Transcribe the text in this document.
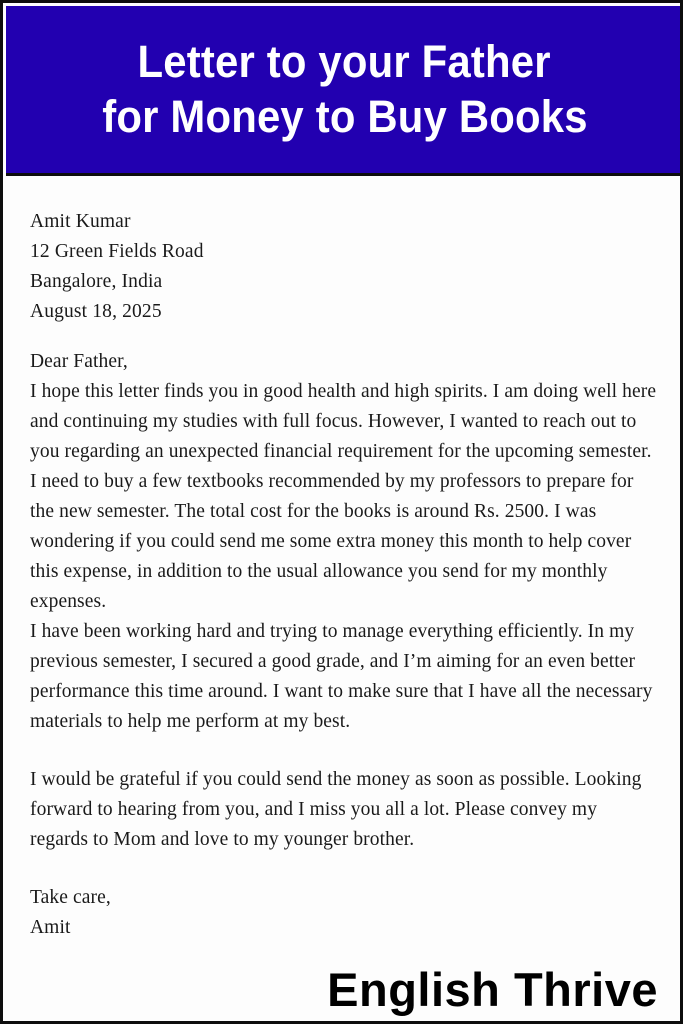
Letter to your Father
for Money to Buy Books
Amit Kumar
12 Green Fields Road
Bangalore, India
August 18, 2025

Dear Father,

I hope this letter finds you in good health and high spirits. I am doing well here and continuing my studies with full focus. However, I wanted to reach out to you regarding an unexpected financial requirement for the upcoming semester.

I need to buy a few textbooks recommended by my professors to prepare for the new semester. The total cost for the books is around Rs. 2500. I was wondering if you could send me some extra money this month to help cover this expense, in addition to the usual allowance you send for my monthly expenses.

I have been working hard and trying to manage everything efficiently. In my previous semester, I secured a good grade, and I’m aiming for an even better performance this time around. I want to make sure that I have all the necessary materials to help me perform at my best.

I would be grateful if you could send the money as soon as possible. Looking forward to hearing from you, and I miss you all a lot. Please convey my regards to Mom and love to my younger brother.

Take care,
Amit
English Thrive
